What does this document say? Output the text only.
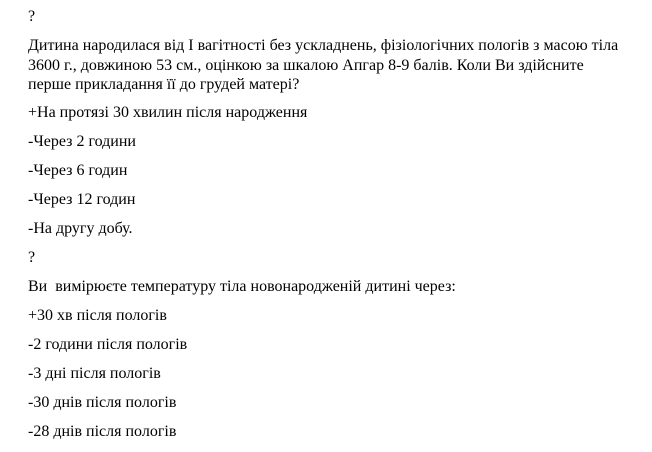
?

Дитина народилася від І вагітності без ускладнень, фізіологічних пологів з масою тіла 3600 г., довжиною 53 см., оцінкою за шкалою Апгар 8-9 балів. Коли Ви здійсните перше прикладання її до грудей матері?

+На протязі 30 хвилин після народження

-Через 2 години

-Через 6 годин

-Через 12 годин

-На другу добу.

?

Ви  вимірюєте температуру тіла новонародженій дитині через:

+30 хв після пологів

-2 години після пологів

-3 дні після пологів

-30 днів після пологів

-28 днів після пологів
